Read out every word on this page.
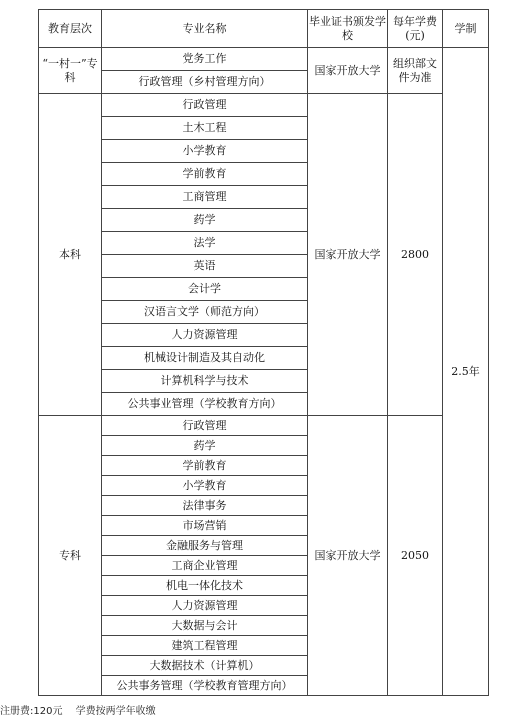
教育层次	专业名称	毕业证书颁发学校	每年学费(元)	学制
“一村一”专科	党务工作	国家开放大学	组织部文件为准	2.5年
	行政管理（乡村管理方向）			
本科	行政管理	国家开放大学	2800	
	土木工程			
	小学教育			
	学前教育			
	工商管理			
	药学			
	法学			
	英语			
	会计学			
	汉语言文学（师范方向）			
	人力资源管理			
	机械设计制造及其自动化			
	计算机科学与技术			
	公共事业管理（学校教育方向）			
专科	行政管理	国家开放大学	2050	
	药学			
	学前教育			
	小学教育			
	法律事务			
	市场营销			
	金融服务与管理			
	工商企业管理			
	机电一体化技术			
	人力资源管理			
	大数据与会计			
	建筑工程管理			
	大数据技术（计算机）			
	公共事务管理（学校教育管理方向）			
注册费:120元 学费按两学年收缴
